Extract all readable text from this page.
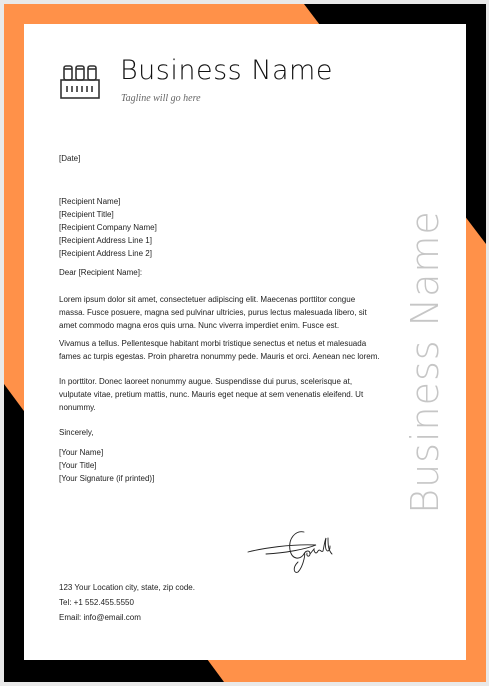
Business Name
Tagline will go here
[Date]
[Recipient Name]
[Recipient Title]
[Recipient Company Name]
[Recipient Address Line 1]
[Recipient Address Line 2]
Dear [Recipient Name]:
Lorem ipsum dolor sit amet, consectetuer adipiscing elit. Maecenas porttitor congue
massa. Fusce posuere, magna sed pulvinar ultricies, purus lectus malesuada libero, sit
amet commodo magna eros quis urna. Nunc viverra imperdiet enim. Fusce est.
Vivamus a tellus. Pellentesque habitant morbi tristique senectus et netus et malesuada
fames ac turpis egestas. Proin pharetra nonummy pede. Mauris et orci. Aenean nec lorem.
In porttitor. Donec laoreet nonummy augue. Suspendisse dui purus, scelerisque at,
vulputate vitae, pretium mattis, nunc. Mauris eget neque at sem venenatis eleifend. Ut
nonummy.
Sincerely,
[Your Name]
[Your Title]
[Your Signature (if printed)]
123 Your Location city, state, zip code.
Tel: +1 552.455.5550
Email: info@email.com
Business Name
